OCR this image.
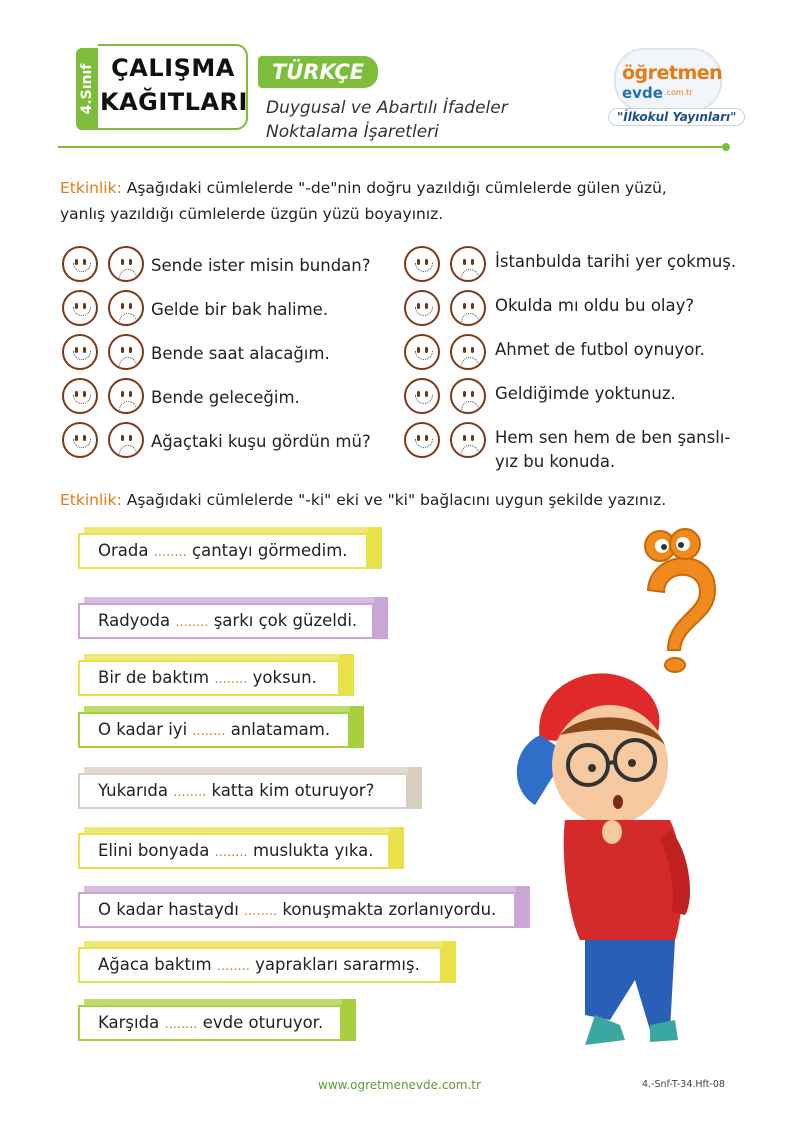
4.Sınıf ÇALIŞMA
KAĞITLARI
TÜRKÇE
Duygusal ve Abartılı İfadeler
Noktalama İşaretleri
öğretmen
evde .com.tr
"İlkokul Yayınları"
Etkinlik: Aşağıdaki cümlelerde "-de"nin doğru yazıldığı cümlelerde gülen yüzü,
yanlış yazıldığı cümlelerde üzgün yüzü boyayınız.
Sende ister misin bundan?
Gelde bir bak halime.
Bende saat alacağım.
Bende geleceğim.
Ağaçtaki kuşu gördün mü?
İstanbulda tarihi yer çokmuş.
Okulda mı oldu bu olay?
Ahmet de futbol oynuyor.
Geldiğimde yoktunuz.
Hem sen hem de ben şanslı-
yız bu konuda.
Etkinlik: Aşağıdaki cümlelerde "-ki" eki ve "ki" bağlacını uygun şekilde yazınız.
Orada ........ çantayı görmedim.
Radyoda ........ şarkı çok güzeldi.
Bir de baktım ........ yoksun.
O kadar iyi ........ anlatamam.
Yukarıda ........ katta kim oturuyor?
Elini bonyada ........ muslukta yıka.
O kadar hastaydı ........ konuşmakta zorlanıyordu.
Ağaca baktım ........ yaprakları sararmış.
Karşıda ........ evde oturuyor.
www.ogretmenevde.com.tr	4.-Snf-T-34.Hft-08
